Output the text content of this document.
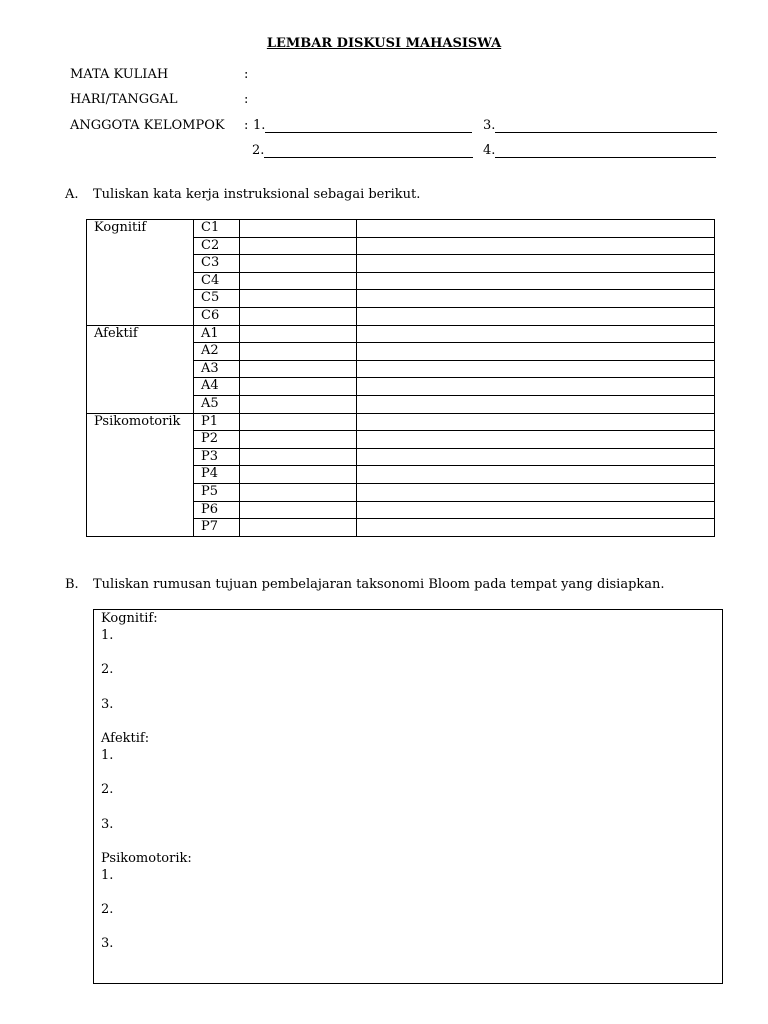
LEMBAR DISKUSI MAHASISWA
MATA KULIAH	:
HARI/TANGGAL	:
ANGGOTA KELOMPOK : 1.	3.
2.	4.
A. Tuliskan kata kerja instruksional sebagai berikut.
Kognitif	C1		
	C2		
	C3		
	C4		
	C5		
	C6		
Afektif	A1		
	A2		
	A3		
	A4		
	A5		
Psikomotorik	P1		
	P2		
	P3		
	P4		
	P5		
	P6		
	P7		
B. Tuliskan rumusan tujuan pembelajaran taksonomi Bloom pada tempat yang disiapkan.
Kognitif:
1.
2.
3.
Afektif:
1.
2.
3.
Psikomotorik:
1.
2.
3.
